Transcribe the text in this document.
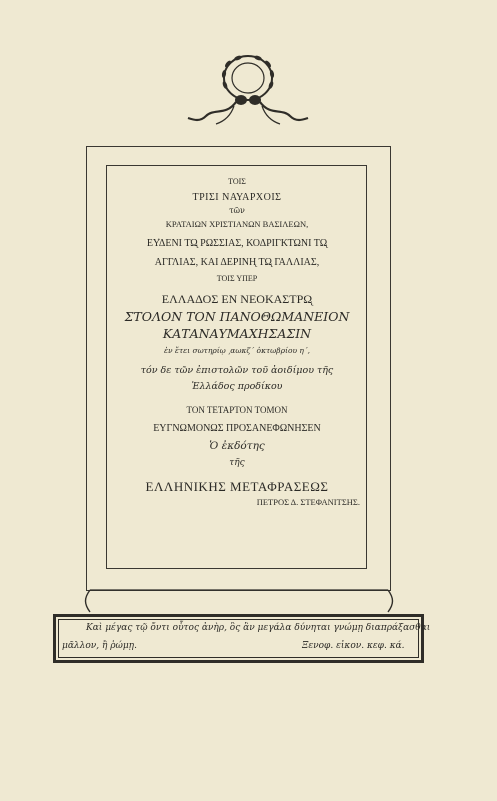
ΤΟΙΣ
ΤΡΙΣΙ ΝΑΥΑΡΧΟΙΣ
τῶν
ΚΡΑΤΑΙΩΝ ΧΡΙΣΤΙΑΝΩΝ ΒΑΣΙΛΕΩΝ,
ΕΥ̓ΔΕΝΙ ΤΩ̨ ΡΩΣΣΙΑΣ, ΚΟΔΡΙΓΚΤΩΝΙ ΤΩ̨
ΑΓΓΛΙΑΣ, ΚΑΙ ΔΕΡΙΝΗ̨ ΤΩ̨ ΓΑΛΛΙΑΣ,
ΤΟΙΣ ΥΠΕΡ
ΕΛΛΑΔΟΣ ΕΝ ΝΕΟΚΑΣΤΡΩ̨
ΣΤΟΛΟΝ ΤΟΝ ΠΑΝΟΘΩΜΑΝΕΙΟΝ
ΚΑΤΑΝΑΥΜΑΧΗΣΑΣΙΝ
ἐν ἔτει σωτηρίῳ ͵αωκζ΄ ὀκτωβρίου η΄,
τόν δε τῶν ἐπιστολῶν τοῦ ἀοιδίμου τῆς
Ἑλλάδος προδίκου
ΤΟΝ ΤΕΤΑΡΤΟΝ ΤΟΜΟΝ
ΕΥΓΝΩΜΟΝΩΣ ΠΡΟΣΑΝΕΦΩΝΗΣΕΝ
Ὁ ἐκδότης
τῆς
ΕΛΛΗΝΙΚΗΣ ΜΕΤΑΦΡΑΣΕΩΣ
ΠΕΤΡΟΣ Δ. ΣΤΕΦΑΝΙΤΣΗΣ.
Καὶ μέγας τῷ ὄντι οὗτος ἀνὴρ, ὃς ἂν μεγάλα δύνηται γνώμῃ διαπράξασθαι
μᾶλλον, ἢ ῥώμῃ.	Ξενοφ. εἰκον. κεφ. κά.
